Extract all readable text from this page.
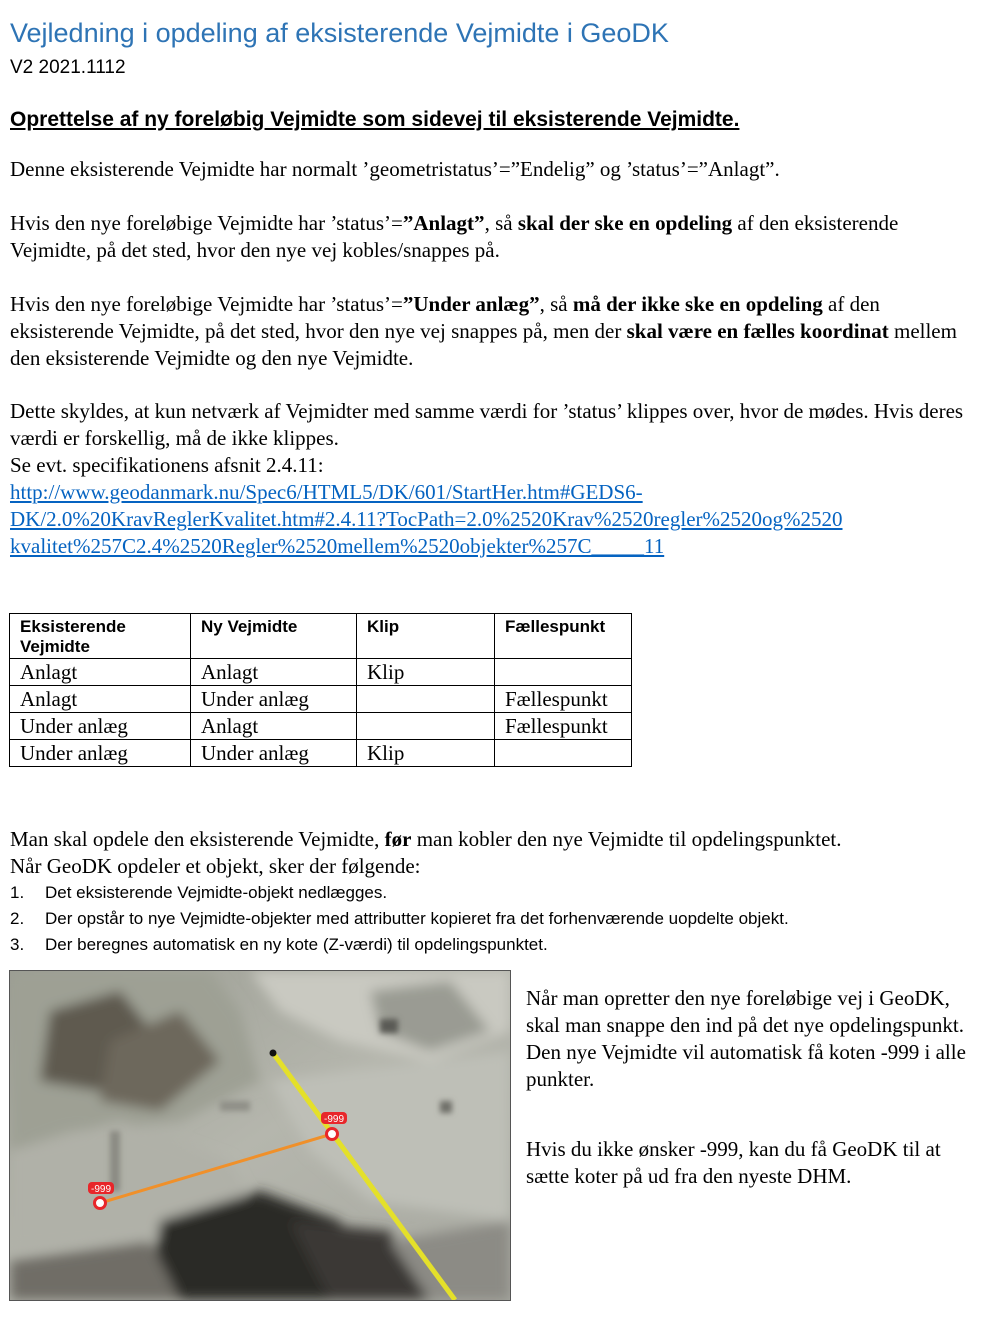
Vejledning i opdeling af eksisterende Vejmidte i GeoDK
V2 2021.1112
Oprettelse af ny foreløbig Vejmidte som sidevej til eksisterende Vejmidte.

Denne eksisterende Vejmidte har normalt ’geometristatus’=”Endelig” og ’status’=”Anlagt”.

Hvis den nye foreløbige Vejmidte har ’status’=”Anlagt”, så skal der ske en opdeling af den eksisterende Vejmidte, på det sted, hvor den nye vej kobles/snappes på.

Hvis den nye foreløbige Vejmidte har ’status’=”Under anlæg”, så må der ikke ske en opdeling af den eksisterende Vejmidte, på det sted, hvor den nye vej snappes på, men der skal være en fælles koordinat mellem den eksisterende Vejmidte og den nye Vejmidte.

Dette skyldes, at kun netværk af Vejmidter med samme værdi for ’status’ klippes over, hvor de mødes. Hvis deres værdi er forskellig, må de ikke klippes.
Se evt. specifikationens afsnit 2.4.11:
http://www.geodanmark.nu/Spec6/HTML5/DK/601/StartHer.htm#GEDS6-
DK/2.0%20KravReglerKvalitet.htm#2.4.11?TocPath=2.0%2520Krav%2520regler%2520og%2520
kvalitet%257C2.4%2520Regler%2520mellem%2520objekter%257C_____11
Eksisterende Vejmidte	Ny Vejmidte	Klip	Fællespunkt
Anlagt	Anlagt	Klip	
Anlagt	Under anlæg		Fællespunkt
Under anlæg	Anlagt		Fællespunkt
Under anlæg	Under anlæg	Klip	
Man skal opdele den eksisterende Vejmidte, før man kobler den nye Vejmidte til opdelingspunktet.
Når GeoDK opdeler et objekt, sker der følgende:
1.	Det eksisterende Vejmidte-objekt nedlægges.
2.	Der opstår to nye Vejmidte-objekter med attributter kopieret fra det forhenværende uopdelte objekt.
3.	Der beregnes automatisk en ny kote (Z-værdi) til opdelingspunktet.
-999
-999

Når man opretter den nye foreløbige vej i GeoDK, skal man snappe den ind på det nye opdelingspunkt. Den nye Vejmidte vil automatisk få koten -999 i alle punkter.

Hvis du ikke ønsker -999, kan du få GeoDK til at sætte koter på ud fra den nyeste DHM.
